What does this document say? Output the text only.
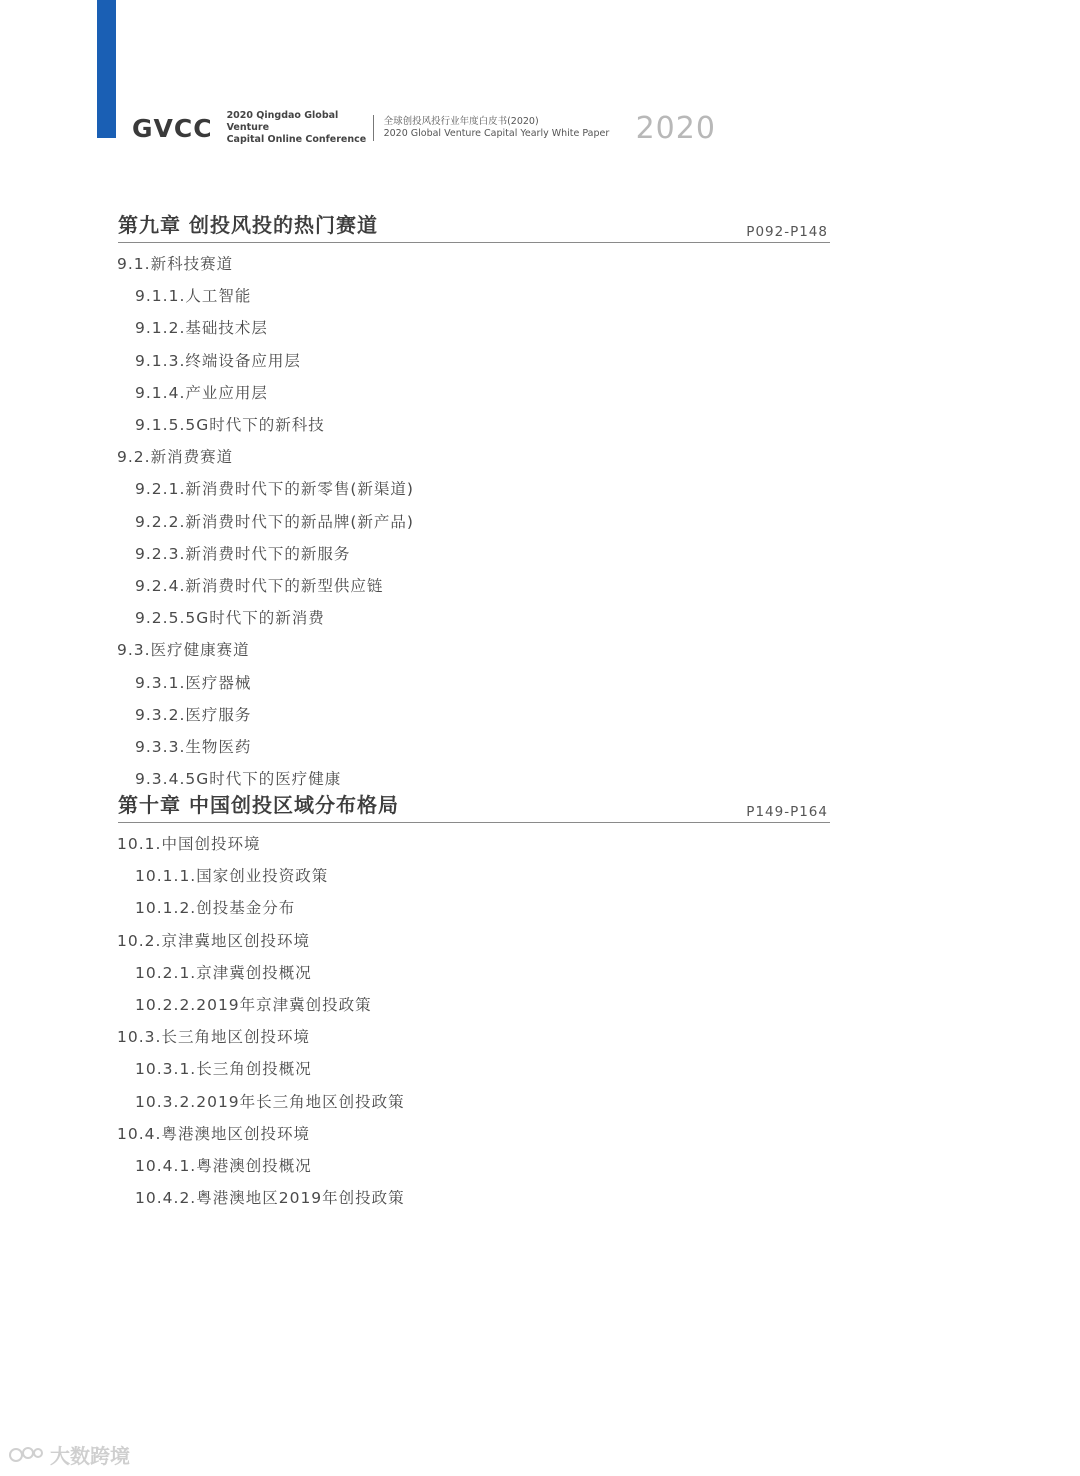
GVCC 2020 Qingdao Global Venture
Capital Online Conference
全球创投风投行业年度白皮书(2020)
2020 Global Venture Capital Yearly White Paper 2020
第九章 创投风投的热门赛道	P092-P148
9.1.新科技赛道
9.1.1.人工智能
9.1.2.基础技术层
9.1.3.终端设备应用层
9.1.4.产业应用层
9.1.5.5G时代下的新科技
9.2.新消费赛道
9.2.1.新消费时代下的新零售(新渠道)
9.2.2.新消费时代下的新品牌(新产品)
9.2.3.新消费时代下的新服务
9.2.4.新消费时代下的新型供应链
9.2.5.5G时代下的新消费
9.3.医疗健康赛道
9.3.1.医疗器械
9.3.2.医疗服务
9.3.3.生物医药
9.3.4.5G时代下的医疗健康
第十章 中国创投区域分布格局	P149-P164
10.1.中国创投环境
10.1.1.国家创业投资政策
10.1.2.创投基金分布
10.2.京津冀地区创投环境
10.2.1.京津冀创投概况
10.2.2.2019年京津冀创投政策
10.3.长三角地区创投环境
10.3.1.长三角创投概况
10.3.2.2019年长三角地区创投政策
10.4.粤港澳地区创投环境
10.4.1.粤港澳创投概况
10.4.2.粤港澳地区2019年创投政策
大数跨境
